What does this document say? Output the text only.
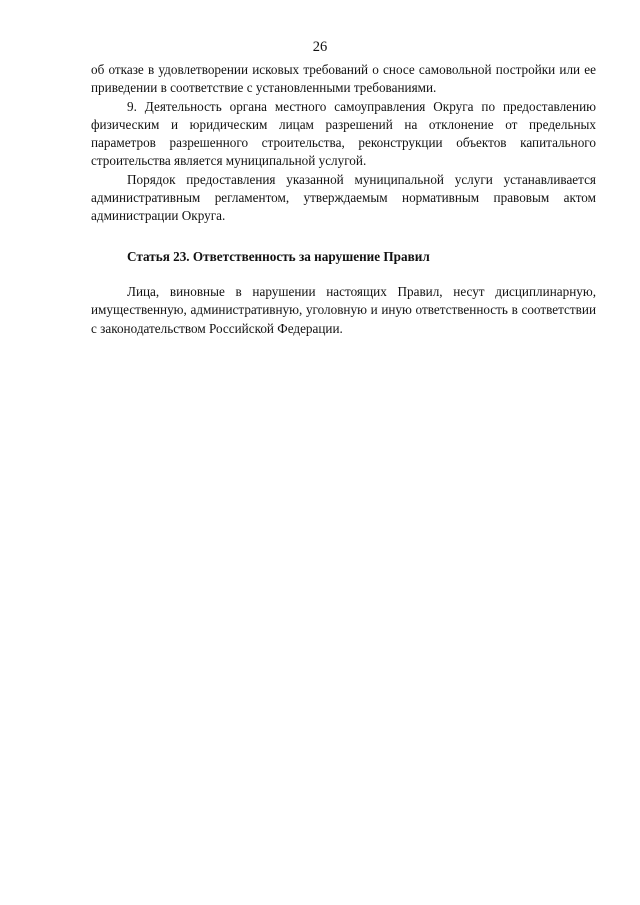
26

об отказе в удовлетворении исковых требований о сносе самовольной постройки или ее приведении в соответствие с установленными требованиями.

9. Деятельность органа местного самоуправления Округа по предоставлению физическим и юридическим лицам разрешений на отклонение от предельных параметров разрешенного строительства, реконструкции объектов капитального строительства является муниципальной услугой.

Порядок предоставления указанной муниципальной услуги устанавливается административным регламентом, утверждаемым нормативным правовым актом администрации Округа.

Статья 23. Ответственность за нарушение Правил

Лица, виновные в нарушении настоящих Правил, несут дисциплинарную, имущественную, административную, уголовную и иную ответственность в соответствии с законодательством Российской Федерации.
